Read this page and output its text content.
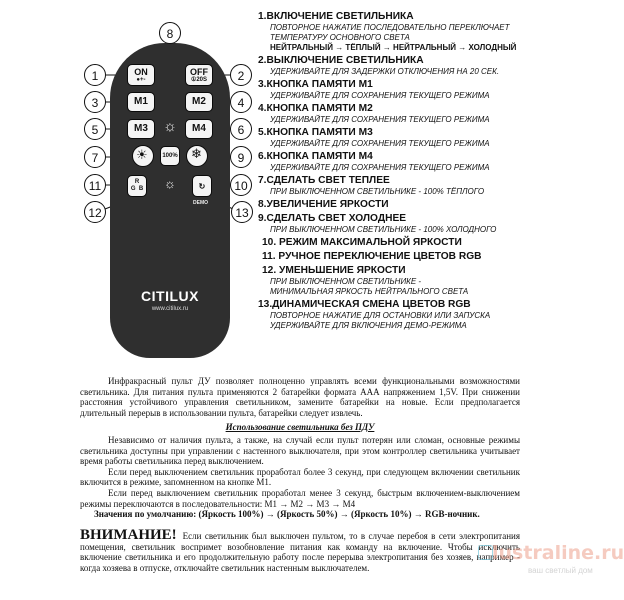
ON
●+-
OFF
①20S
M1	M2
M3	M4
☼
☀	100% ❄
R
G  B ☼	↻
DEMO
CITILUX
www.citilux.ru
8
1	2
3	4
5	6
7	9
11	10
12	13

1.ВКЛЮЧЕНИЕ СВЕТИЛЬНИКА

ПОВТОРНОЕ НАЖАТИЕ ПОСЛЕДОВАТЕЛЬНО ПЕРЕКЛЮЧАЕТ

ТЕМПЕРАТУРУ ОСНОВНОГО СВЕТА

НЕЙТРАЛЬНЫЙ → ТЁПЛЫЙ → НЕЙТРАЛЬНЫЙ → ХОЛОДНЫЙ

2.ВЫКЛЮЧЕНИЕ СВЕТИЛЬНИКА

УДЕРЖИВАЙТЕ ДЛЯ ЗАДЕРЖКИ ОТКЛЮЧЕНИЯ НА 20 СЕК.

3.КНОПКА ПАМЯТИ М1

УДЕРЖИВАЙТЕ ДЛЯ СОХРАНЕНИЯ ТЕКУЩЕГО РЕЖИМА

4.КНОПКА ПАМЯТИ М2

УДЕРЖИВАЙТЕ ДЛЯ СОХРАНЕНИЯ ТЕКУЩЕГО РЕЖИМА

5.КНОПКА ПАМЯТИ М3

УДЕРЖИВАЙТЕ ДЛЯ СОХРАНЕНИЯ ТЕКУЩЕГО РЕЖИМА

6.КНОПКА ПАМЯТИ М4

УДЕРЖИВАЙТЕ ДЛЯ СОХРАНЕНИЯ ТЕКУЩЕГО РЕЖИМА

7.СДЕЛАТЬ СВЕТ ТЕПЛЕЕ

ПРИ ВЫКЛЮЧЕННОМ СВЕТИЛЬНИКЕ - 100% ТЁПЛОГО

8.УВЕЛИЧЕНИЕ ЯРКОСТИ

9.СДЕЛАТЬ СВЕТ ХОЛОДНЕЕ

ПРИ ВЫКЛЮЧЕННОМ СВЕТИЛЬНИКЕ - 100% ХОЛОДНОГО

10. РЕЖИМ МАКСИМАЛЬНОЙ ЯРКОСТИ

11. РУЧНОЕ ПЕРЕКЛЮЧЕНИЕ ЦВЕТОВ RGB

12. УМЕНЬШЕНИЕ ЯРКОСТИ

ПРИ ВЫКЛЮЧЕННОМ СВЕТИЛЬНИКЕ -

МИНИМАЛЬНАЯ ЯРКОСТЬ НЕЙТРАЛЬНОГО СВЕТА

13.ДИНАМИЧЕСКАЯ СМЕНА ЦВЕТОВ RGB

ПОВТОРНОЕ НАЖАТИЕ ДЛЯ ОСТАНОВКИ ИЛИ ЗАПУСКА

УДЕРЖИВАЙТЕ ДЛЯ ВКЛЮЧЕНИЯ ДЕМО-РЕЖИМА

Инфракрасный пульт ДУ позволяет полноценно управлять всеми функциональными возможностями светильника. Для питания пульта применяются 2 батарейки формата ААА напряжением 1,5V. При снижении расстояния устойчивого управления светильником, замените батарейки на новые. Если предполагается длительный перерыв в использовании пульта, батарейки следует извлечь.

Использование светильника без ПДУ

Независимо от наличия пульта, а также, на случай если пульт потерян или сломан, основные режимы светильника доступны при управлении с настенного выключателя, при этом контроллер светильника учитывает время работы светильника перед выключением.

Если перед выключением светильник проработал более 3 секунд, при следующем включении светильник включится в режиме, запомненном на кнопке М1.

Если перед выключением светильник проработал менее 3 секунд, быстрым включением-выключением режимы переключаются в последовательности: М1 → М2 → М3 → М4

Значения по умолчанию: (Яркость 100%) → (Яркость 50%) → (Яркость 10%) → RGB-ночник.

ВНИМАНИЕ! Если светильник был выключен пультом, то в случае перебоя в сети электропитания помещения, светильник воспримет возобновление питания как команду на включение. Чтобы исключить включение светильника и его продолжительную работу после перерыва электропитания без хозяев, например - когда хозяева в отпуске, отключайте светильник настенным выключателем.
lustraline.ru
ваш светлый дом
